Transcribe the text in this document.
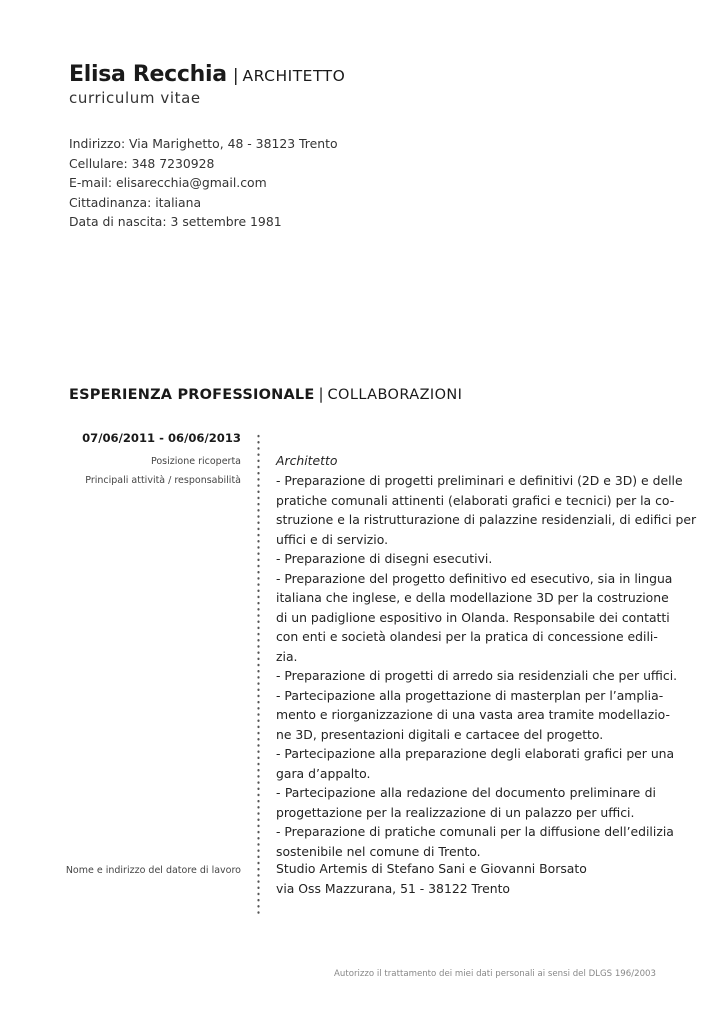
Elisa Recchia | ARCHITETTO
curriculum vitae
Indirizzo: Via Marighetto, 48 - 38123 Trento
Cellulare: 348 7230928
E-mail: elisarecchia@gmail.com
Cittadinanza: italiana
Data di nascita: 3 settembre 1981
ESPERIENZA PROFESSIONALE | COLLABORAZIONI
07/06/2011 - 06/06/2013
Posizione ricoperta
Principali attività / responsabilità
Nome e indirizzo del datore di lavoro
Architetto
- Preparazione di progetti preliminari e definitivi (2D e 3D) e delle
pratiche comunali attinenti (elaborati grafici e tecnici) per la co-
struzione e la ristrutturazione di palazzine residenziali, di edifici per
uffici e di servizio.
- Preparazione di disegni esecutivi.
- Preparazione del progetto definitivo ed esecutivo, sia in lingua
italiana che inglese, e della modellazione 3D per la costruzione
di un padiglione espositivo in Olanda. Responsabile dei contatti
con enti e società olandesi per la pratica di concessione edili-
zia.
- Preparazione di progetti di arredo sia residenziali che per uffici.
- Partecipazione alla progettazione di masterplan per l’amplia-
mento e riorganizzazione di una vasta area tramite modellazio-
ne 3D, presentazioni digitali e cartacee del progetto.
- Partecipazione alla preparazione degli elaborati grafici per una
gara d’appalto.
- Partecipazione alla redazione del documento preliminare di
progettazione per la realizzazione di un palazzo per uffici.
- Preparazione di pratiche comunali per la diffusione dell’edilizia
sostenibile nel comune di Trento.
Studio Artemis di Stefano Sani e Giovanni Borsato
via Oss Mazzurana, 51 - 38122 Trento
Autorizzo il trattamento dei miei dati personali ai sensi del DLGS 196/2003
